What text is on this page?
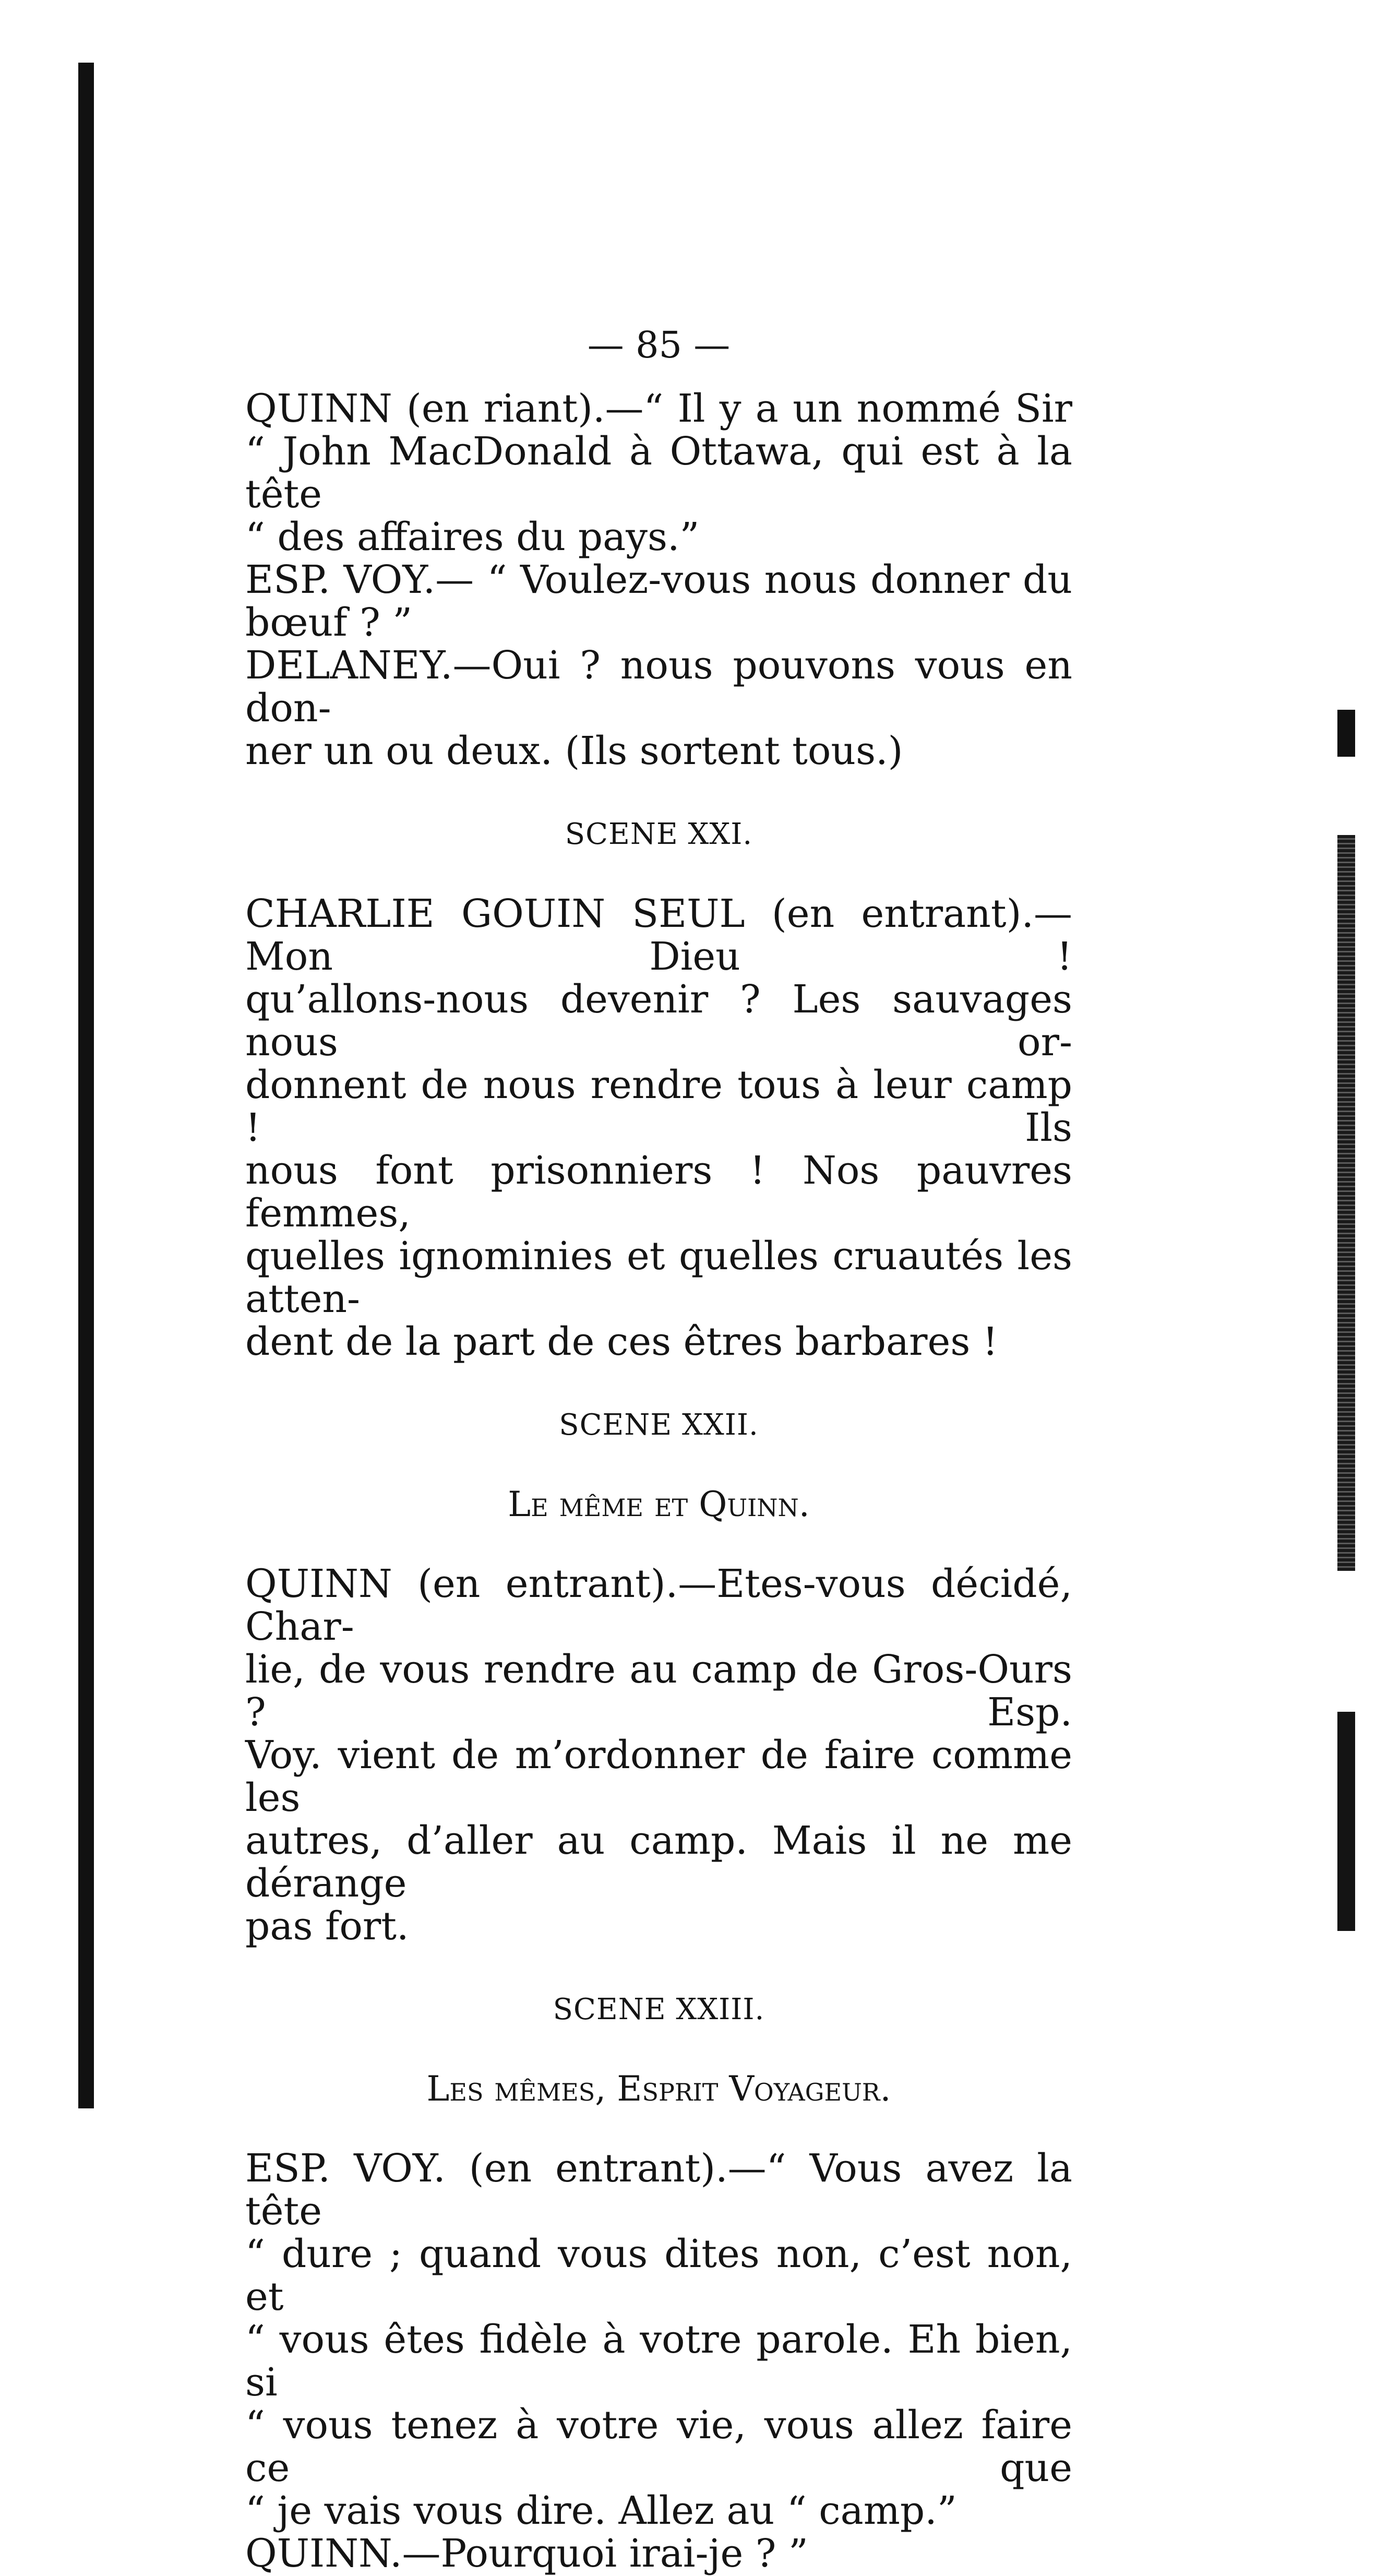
— 85 —
QUINN (en riant).—“ Il y a un nommé Sir
“ John MacDonald à Ottawa, qui est à la tête
“ des affaires du pays.”
ESP. VOY.— “ Voulez-vous nous donner du
bœuf ? ”
DELANEY.—Oui ? nous pouvons vous en don-
ner un ou deux. (Ils sortent tous.)
SCENE XXI.
CHARLIE GOUIN SEUL (en entrant).—Mon Dieu !
qu’allons-nous devenir ? Les sauvages nous or-
donnent de nous rendre tous à leur camp ! Ils
nous font prisonniers ! Nos pauvres femmes,
quelles ignominies et quelles cruautés les atten-
dent de la part de ces êtres barbares !
SCENE XXII.
Le même et Quinn.
QUINN (en entrant).—Etes-vous décidé, Char-
lie, de vous rendre au camp de Gros-Ours ? Esp.
Voy. vient de m’ordonner de faire comme les
autres, d’aller au camp. Mais il ne me dérange
pas fort.
SCENE XXIII.
Les mêmes, Esprit Voyageur.
ESP. VOY. (en entrant).—“ Vous avez la tête
“ dure ; quand vous dites non, c’est non, et
“ vous êtes fidèle à votre parole. Eh bien, si
“ vous tenez à votre vie, vous allez faire ce que
“ je vais vous dire. Allez au “ camp.”
QUINN.—Pourquoi irai-je ? ”
